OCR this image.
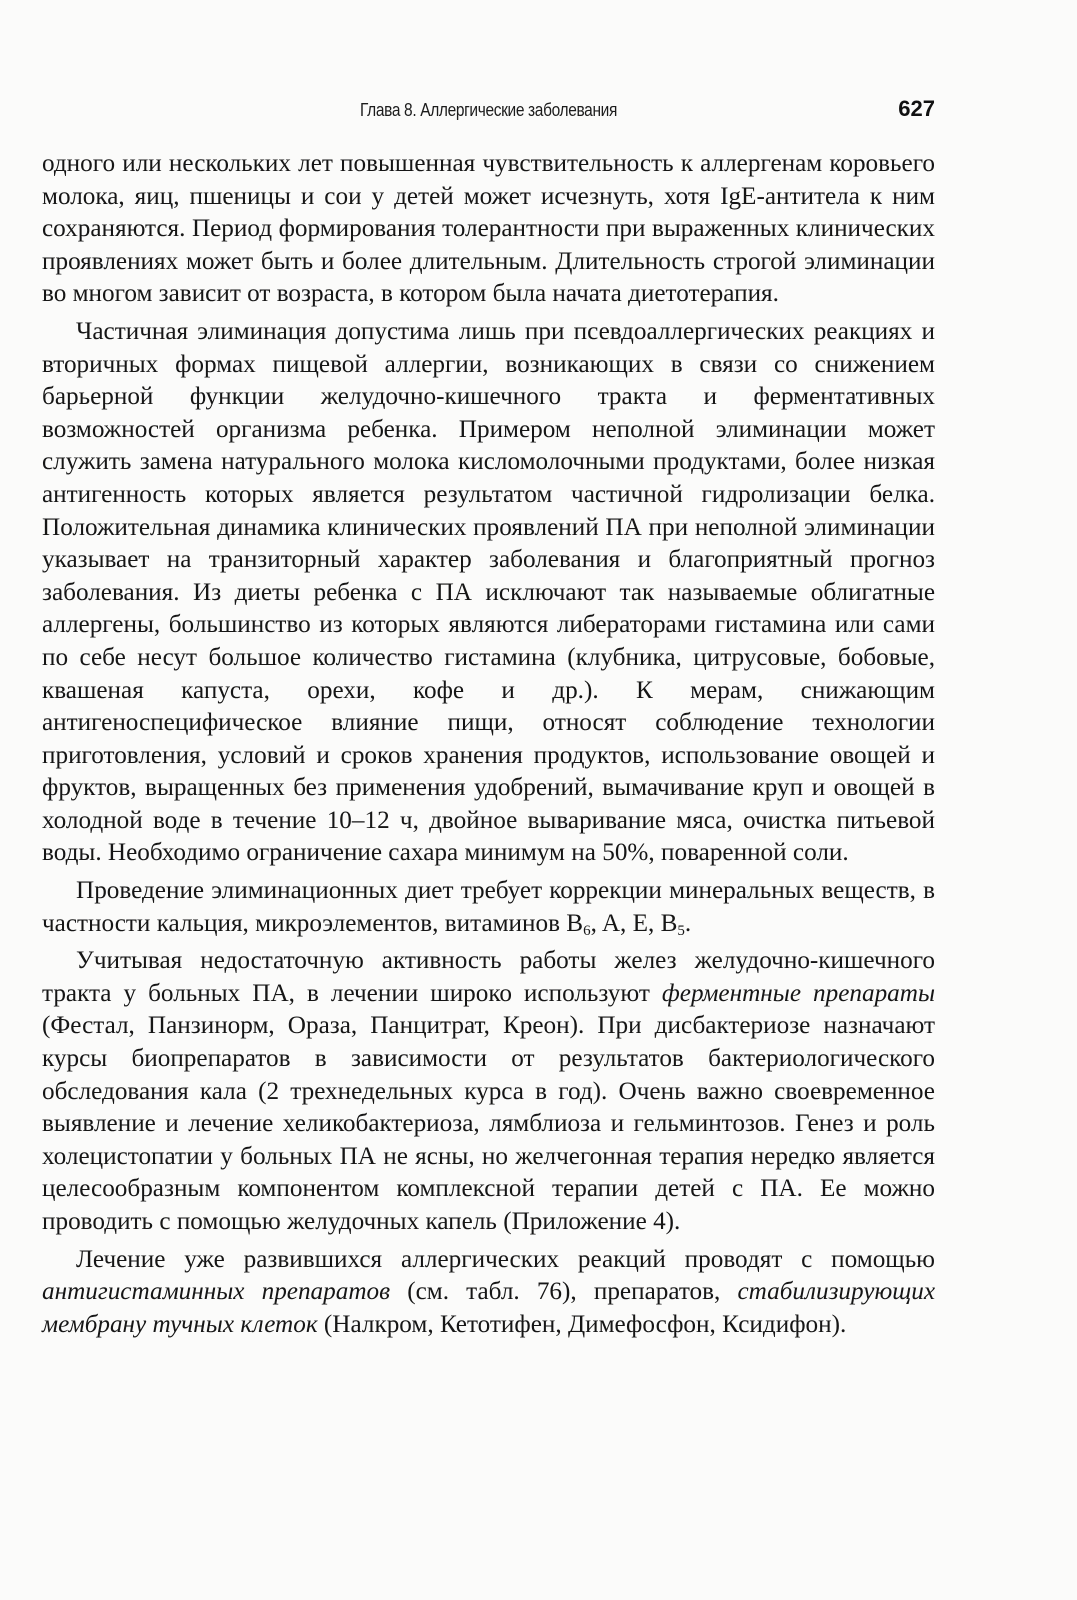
Глава 8. Аллергические заболевания	627

одного или нескольких лет повышенная чувствительность к аллергенам коровьего молока, яиц, пшеницы и сои у детей может исчезнуть, хотя IgE-антитела к ним сохраняются. Период формирования толерантности при выраженных клинических проявлениях может быть и более длительным. Длительность строгой элиминации во многом зависит от возраста, в котором была начата диетотерапия.

Частичная элиминация допустима лишь при псевдоаллергических реакциях и вторичных формах пищевой аллергии, возникающих в связи со снижением барьерной функции желудочно-кишечного тракта и ферментативных возможностей организма ребенка. Примером неполной элиминации может служить замена натурального молока кисломолочными продуктами, более низкая антигенность которых является результатом частичной гидролизации белка. Положительная динамика клинических проявлений ПА при неполной элиминации указывает на транзиторный характер заболевания и благоприятный прогноз заболевания. Из диеты ребенка с ПА исключают так называемые облигатные аллергены, большинство из которых являются либераторами гистамина или сами по себе несут большое количество гистамина (клубника, цитрусовые, бобовые, квашеная капуста, орехи, кофе и др.). К мерам, снижающим антигеноспецифическое влияние пищи, относят соблюдение технологии приготовления, условий и сроков хранения продуктов, использование овощей и фруктов, выращенных без применения удобрений, вымачивание круп и овощей в холодной воде в течение 10–12 ч, двойное вываривание мяса, очистка питьевой воды. Необходимо ограничение сахара минимум на 50%, поваренной соли.

Проведение элиминационных диет требует коррекции минеральных веществ, в частности кальция, микроэлементов, витаминов $B_6$, A, E, $B_5$.

Учитывая недостаточную активность работы желез желудочно-кишечного тракта у больных ПА, в лечении широко используют ферментные препараты (Фестал, Панзинорм, Ораза, Панцитрат, Креон). При дисбактериозе назначают курсы биопрепаратов в зависимости от результатов бактериологического обследования кала (2 трехнедельных курса в год). Очень важно своевременное выявление и лечение хеликобактериоза, лямблиоза и гельминтозов. Генез и роль холецистопатии у больных ПА не ясны, но желчегонная терапия нередко является целесообразным компонентом комплексной терапии детей с ПА. Ее можно проводить с помощью желудочных капель (Приложение 4).

Лечение уже развившихся аллергических реакций проводят с помощью антигистаминных препаратов (см. табл. 76), препаратов, стабилизирующих мембрану тучных клеток (Налкром, Кетотифен, Димефосфон, Ксидифон).
